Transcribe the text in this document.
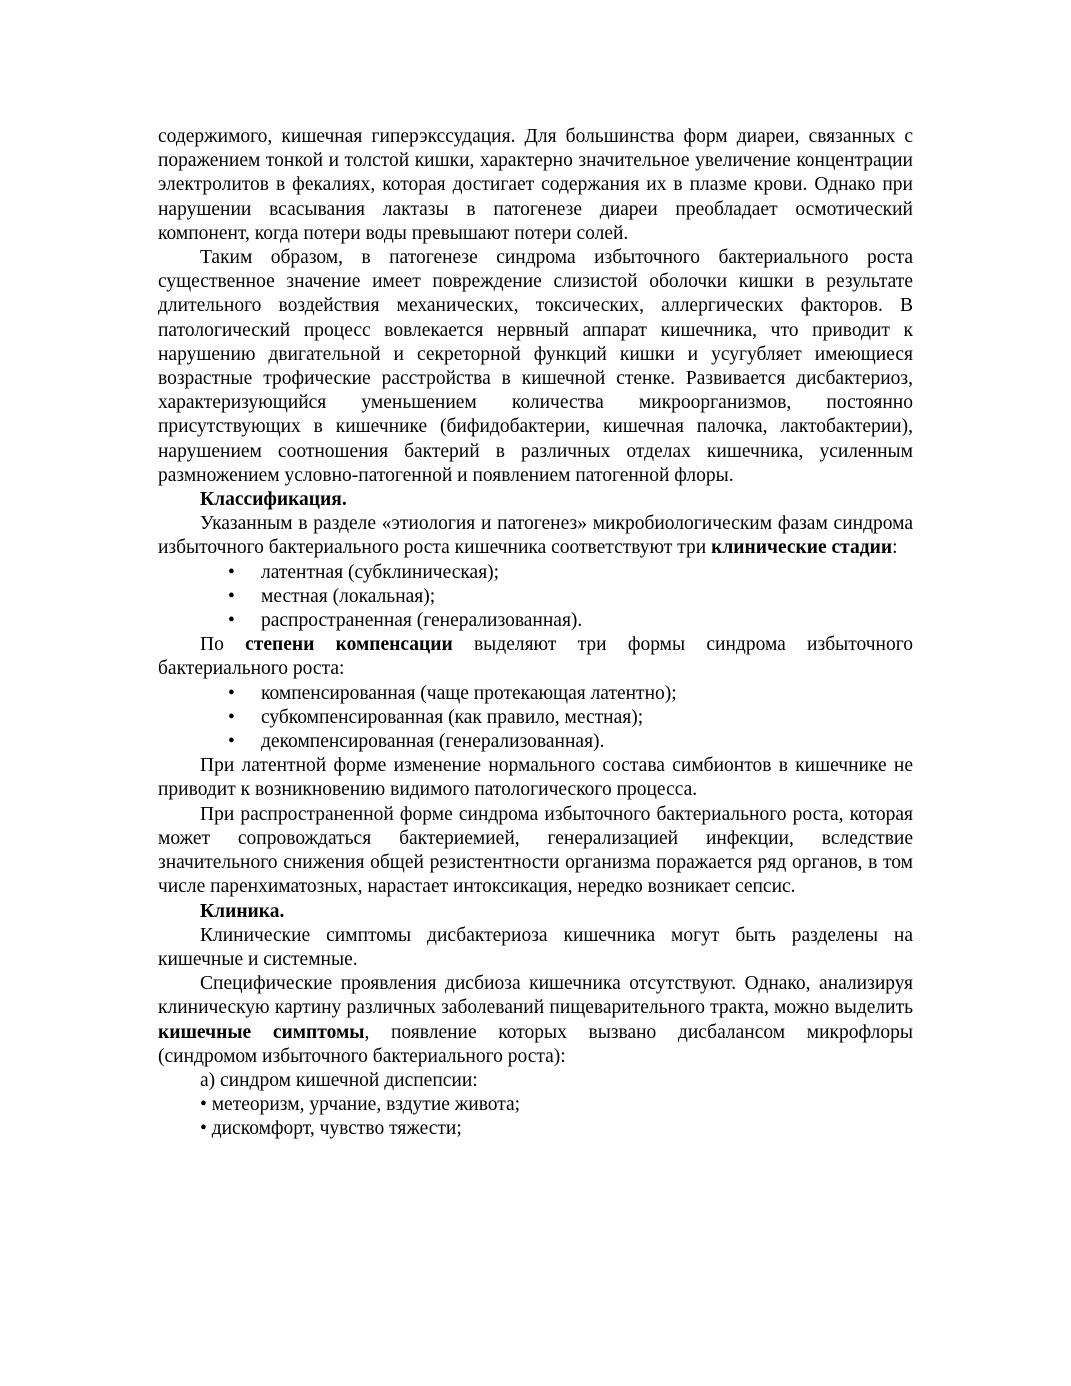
содержимого, кишечная гиперэкссудация. Для большинства форм диареи, связанных с поражением тонкой и толстой кишки, характерно значительное увеличение концентрации электролитов в фекалиях, которая достигает содержания их в плазме крови. Однако при нарушении всасывания лактазы в патогенезе диареи преобладает осмотический компонент, когда потери воды превышают потери солей.

Таким образом, в патогенезе синдрома избыточного бактериального роста существенное значение имеет повреждение слизистой оболочки кишки в результате длительного воздействия механических, токсических, аллергических факторов. В патологический процесс вовлекается нервный аппарат кишечника, что приводит к нарушению двигательной и секреторной функций кишки и усугубляет имеющиеся возрастные трофические расстройства в кишечной стенке. Развивается дисбактериоз, характеризующийся уменьшением количества микроорганизмов, постоянно присутствующих в кишечнике (бифидобактерии, кишечная палочка, лактобактерии), нарушением соотношения бактерий в различных отделах кишечника, усиленным размножением условно-патогенной и появлением патогенной флоры.

Классификация.

Указанным в разделе «этиология и патогенез» микробиологическим фазам синдрома избыточного бактериального роста кишечника соответствуют три клинические стадии:

• латентная (субклиническая);
• местная (локальная);
• распространенная (генерализованная).

По степени компенсации выделяют три формы синдрома избыточного бактериального роста:

• компенсированная (чаще протекающая латентно);
• субкомпенсированная (как правило, местная);
• декомпенсированная (генерализованная).

При латентной форме изменение нормального состава симбионтов в кишечнике не приводит к возникновению видимого патологического процесса.

При распространенной форме синдрома избыточного бактериального роста, которая может сопровождаться бактериемией, генерализацией инфекции, вследствие значительного снижения общей резистентности организма поражается ряд органов, в том числе паренхиматозных, нарастает интоксикация, нередко возникает сепсис.

Клиника.

Клинические симптомы дисбактериоза кишечника могут быть разделены на кишечные и системные.

Специфические проявления дисбиоза кишечника отсутствуют. Однако, анализируя клиническую картину различных заболеваний пищеварительного тракта, можно выделить кишечные симптомы, появление которых вызвано дисбалансом микрофлоры (синдромом избыточного бактериального роста):

а) синдром кишечной диспепсии:

• метеоризм, урчание, вздутие живота;

• дискомфорт, чувство тяжести;
